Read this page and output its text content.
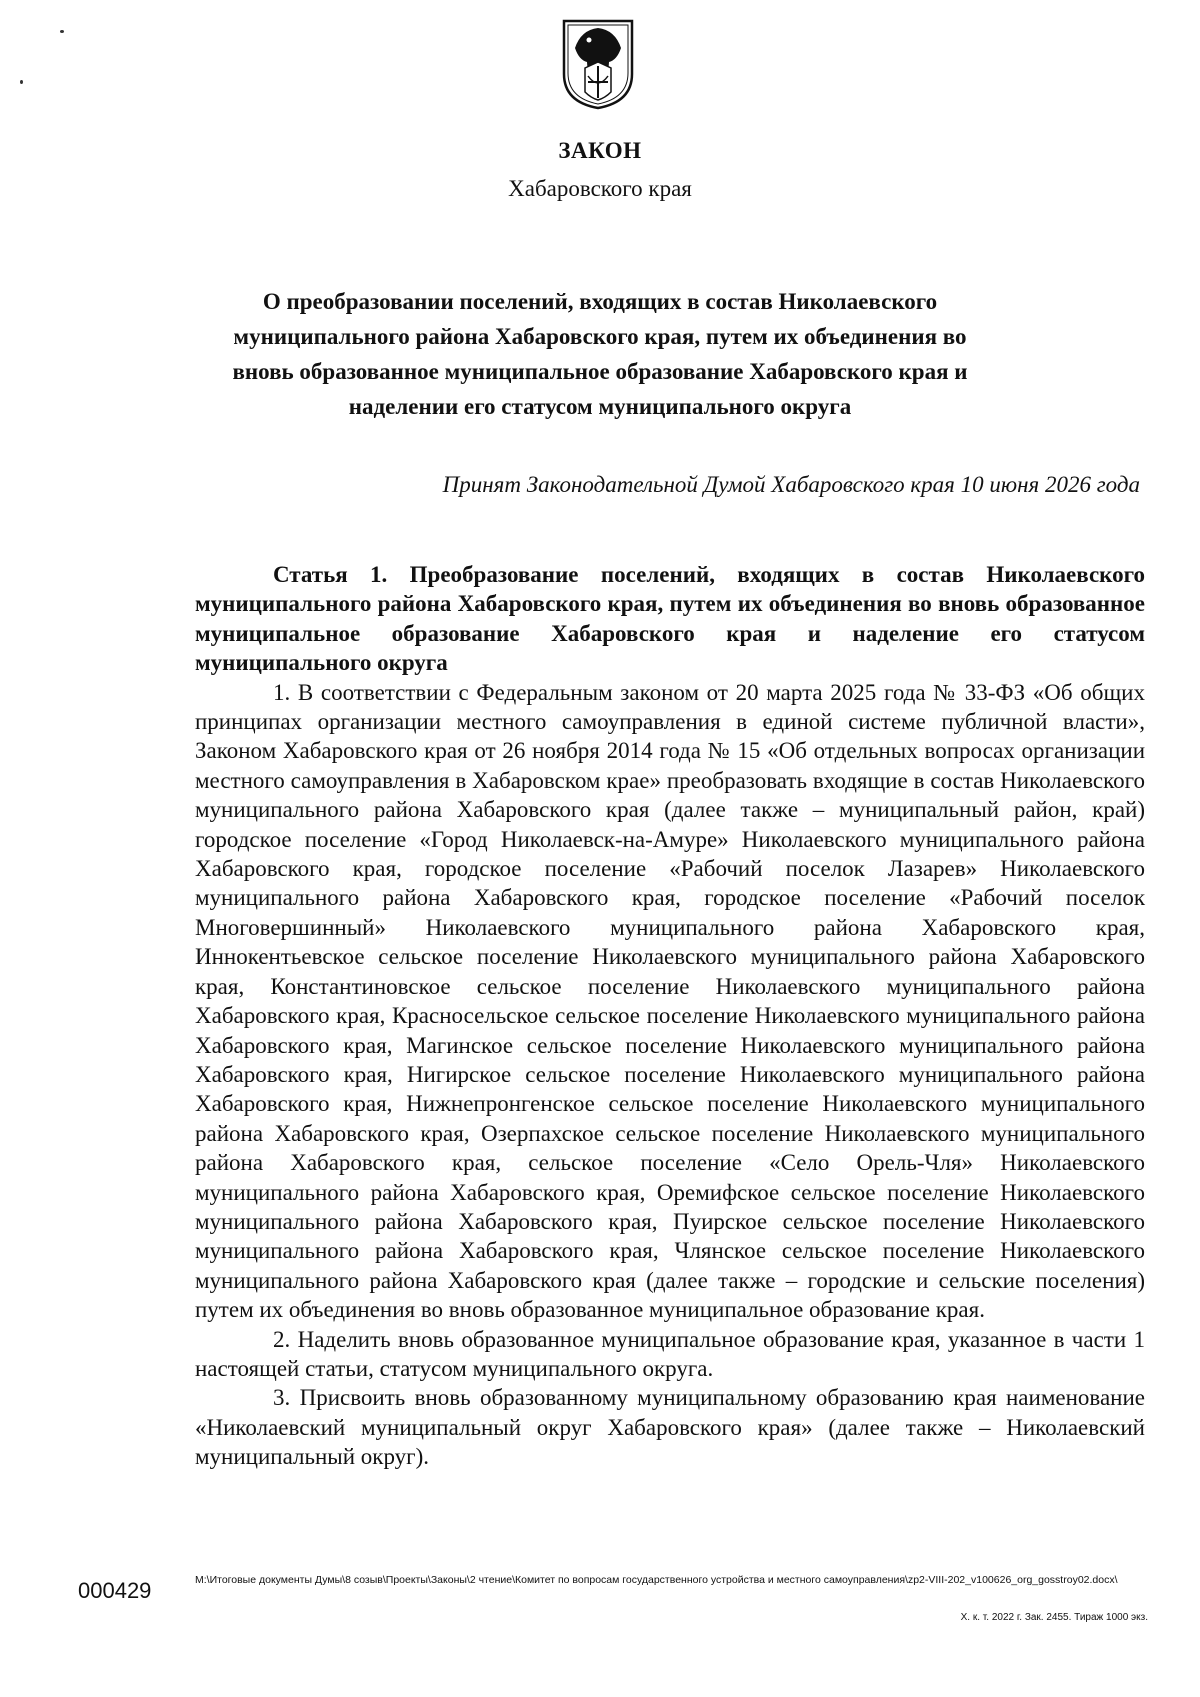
ЗАКОН
Хабаровского края
О преобразовании поселений, входящих в состав Николаевского муниципального района Хабаровского края, путем их объединения во вновь образованное муниципальное образование Хабаровского края и наделении его статусом муниципального округа
Принят Законодательной Думой Хабаровского края 10 июня 2026 года

Статья 1. Преобразование поселений, входящих в состав Николаевского муниципального района Хабаровского края, путем их объединения во вновь образованное муниципальное образование Хабаровского края и наделение его статусом муниципального округа

1. В соответствии с Федеральным законом от 20 марта 2025 года № 33-ФЗ «Об общих принципах организации местного самоуправления в единой системе публичной власти», Законом Хабаровского края от 26 ноября 2014 года № 15 «Об отдельных вопросах организации местного самоуправления в Хабаровском крае» преобразовать входящие в состав Николаевского муниципального района Хабаровского края (далее также – муниципальный район, край) городское поселение «Город Николаевск-на-Амуре» Николаевского муниципального района Хабаровского края, городское поселение «Рабочий поселок Лазарев» Николаевского муниципального района Хабаровского края, городское поселение «Рабочий поселок Многовершинный» Николаевского муниципального района Хабаровского края, Иннокентьевское сельское поселение Николаевского муниципального района Хабаровского края, Константиновское сельское поселение Николаевского муниципального района Хабаровского края, Красносельское сельское поселение Николаевского муниципального района Хабаровского края, Магинское сельское поселение Николаевского муниципального района Хабаровского края, Нигирское сельское поселение Николаевского муниципального района Хабаровского края, Нижнепронгенское сельское поселение Николаевского муниципального района Хабаровского края, Озерпахское сельское поселение Николаевского муниципального района Хабаровского края, сельское поселение «Село Орель-Чля» Николаевского муниципального района Хабаровского края, Оремифское сельское поселение Николаевского муниципального района Хабаровского края, Пуирское сельское поселение Николаевского муниципального района Хабаровского края, Члянское сельское поселение Николаевского муниципального района Хабаровского края (далее также – городские и сельские поселения) путем их объединения во вновь образованное муниципальное образование края.

2. Наделить вновь образованное муниципальное образование края, указанное в части 1 настоящей статьи, статусом муниципального округа.

3. Присвоить вновь образованному муниципальному образованию края наименование «Николаевский муниципальный округ Хабаровского края» (далее также – Николаевский муниципальный округ).

000429	M:\Итоговые документы Думы\8 созыв\Проекты\Законы\2 чтение\Комитет по вопросам государственного устройства и местного самоуправления\zp2-VIII-202_v100626_org_gosstroy02.docx\
Х. к. т. 2022 г. Зак. 2455. Тираж 1000 экз.
